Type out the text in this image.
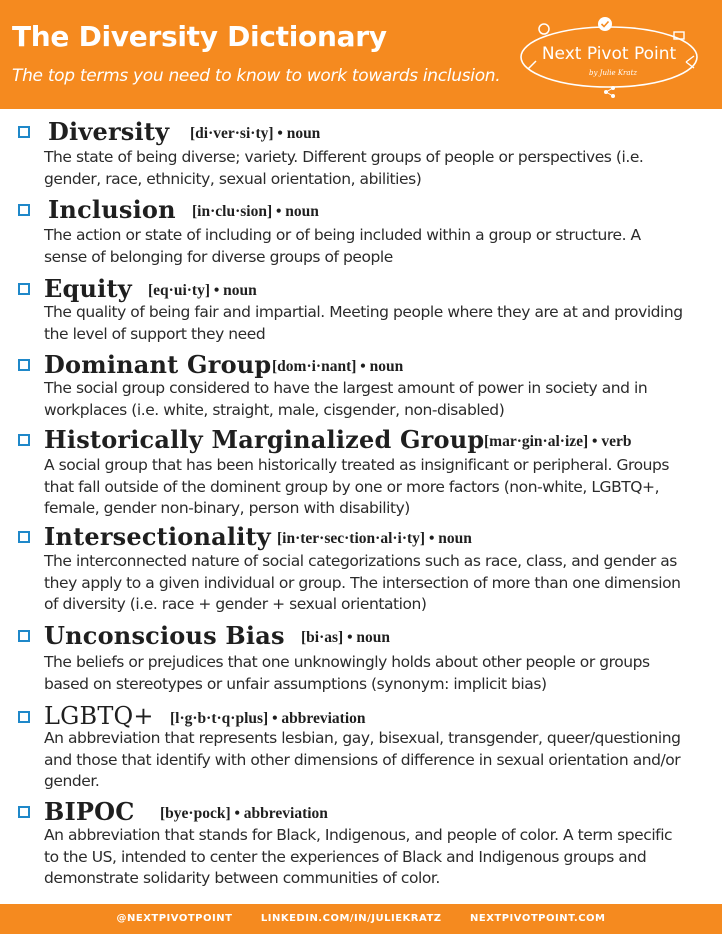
The Diversity Dictionary

The top terms you need to know to work towards inclusion.

Next Pivot Point
by Julie Kratz
Diversity [di·ver·si·ty] • noun

The state of being diverse; variety. Different groups of people or perspectives (i.e. gender, race, ethnicity, sexual orientation, abilities)

Inclusion [in·clu·sion] • noun

The action or state of including or of being included within a group or structure. A sense of belonging for diverse groups of people

Equity [eq·ui·ty] • noun

The quality of being fair and impartial. Meeting people where they are at and providing the level of support they need

Dominant Group [dom·i·nant] • noun

The social group considered to have the largest amount of power in society and in workplaces (i.e. white, straight, male, cisgender, non-disabled)

Historically Marginalized Group [mar·gin·al·ize] • verb

A social group that has been historically treated as insignificant or peripheral. Groups that fall outside of the dominent group by one or more factors (non-white, LGBTQ+, female, gender non-binary, person with disability)

Intersectionality [in·ter·sec·tion·al·i·ty] • noun

The interconnected nature of social categorizations such as race, class, and gender as they apply to a given individual or group. The intersection of more than one dimension of diversity (i.e. race + gender + sexual orientation)

Unconscious Bias [bi·as] • noun

The beliefs or prejudices that one unknowingly holds about other people or groups based on stereotypes or unfair assumptions (synonym: implicit bias)

LGBTQ+ [l·g·b·t·q·plus] • abbreviation

An abbreviation that represents lesbian, gay, bisexual, transgender, queer/questioning and those that identify with other dimensions of difference in sexual orientation and/or gender.

BIPOC [bye·pock] • abbreviation

An abbreviation that stands for Black, Indigenous, and people of color. A term specific to the US, intended to center the experiences of Black and Indigenous groups and demonstrate solidarity between communities of color.

@NEXTPIVOTPOINT	LINKEDIN.COM/IN/JULIEKRATZ	NEXTPIVOTPOINT.COM
